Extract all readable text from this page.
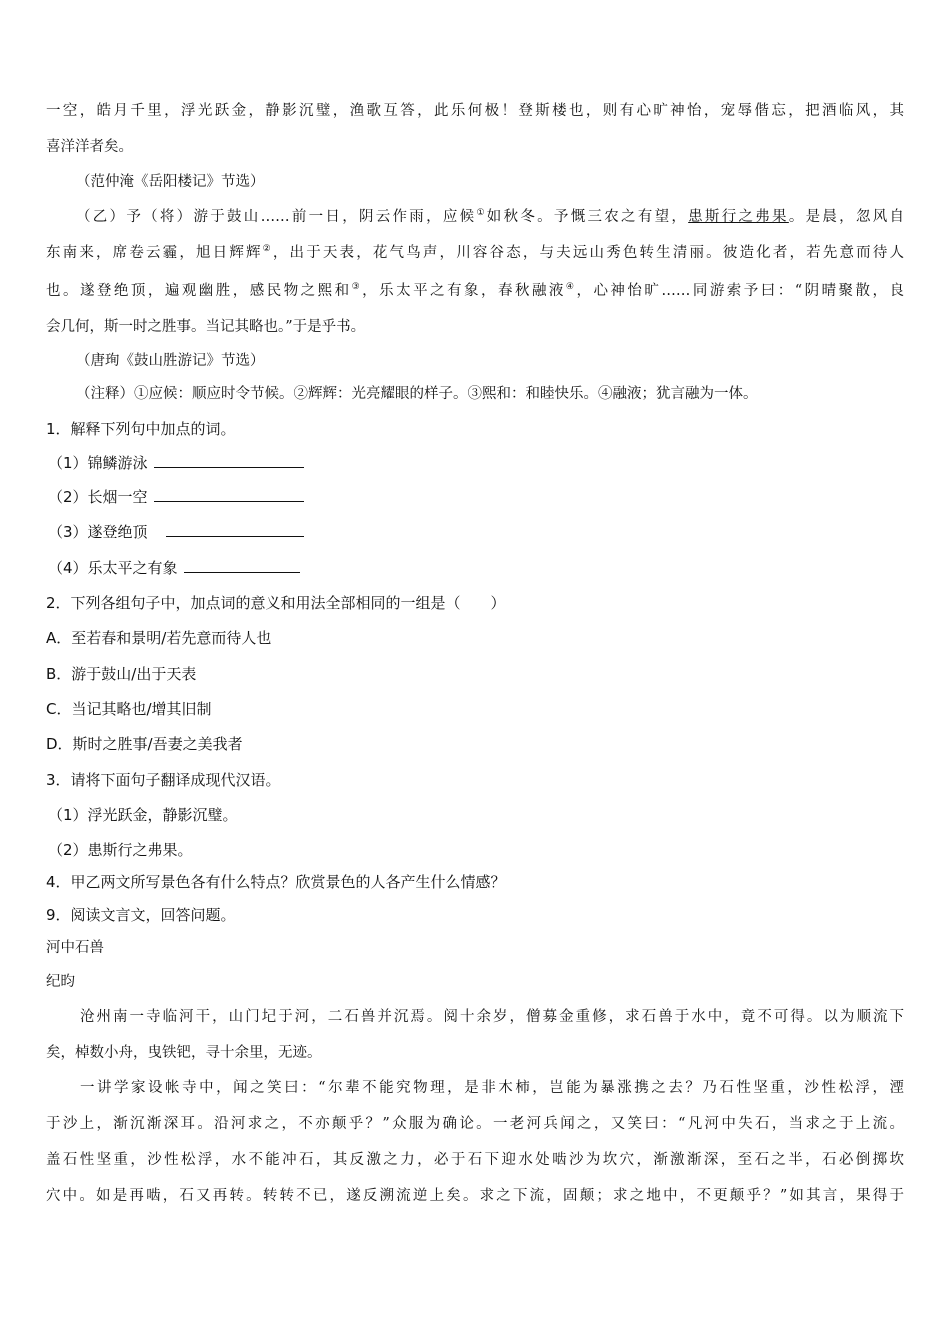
一空，皓月千里，浮光跃金，静影沉璧，渔歌互答，此乐何极！登斯楼也，则有心旷神怡，宠辱偕忘，把酒临风，其
喜洋洋者矣。
（范仲淹《岳阳楼记》节选）
（乙）予（将）游于鼓山……前一日，阴云作雨，应候①如秋冬。予慨三农之有望，患斯行之弗果。是晨，忽风自
东南来，席卷云霾，旭日辉辉②，出于天表，花气鸟声，川容谷态，与夫远山秀色转生清丽。彼造化者，若先意而待人
也。遂登绝顶，遍观幽胜，感民物之熙和③，乐太平之有象，春秋融液④，心神怡旷……同游索予曰：“阴晴聚散，良
会几何，斯一时之胜事。当记其略也。”于是乎书。
（唐珣《鼓山胜游记》节选）
（注释）①应候：顺应时令节候。②辉辉：光亮耀眼的样子。③熙和：和睦快乐。④融液；犹言融为一体。
1．解释下列句中加点的词。
（1）锦鳞游泳
（2）长烟一空
（3）遂登绝顶
（4）乐太平之有象
2．下列各组句子中，加点词的意义和用法全部相同的一组是（　　）
A．至若春和景明/若先意而待人也
B．游于鼓山/出于天表
C．当记其略也/增其旧制
D．斯时之胜事/吾妻之美我者
3．请将下面句子翻译成现代汉语。
（1）浮光跃金，静影沉璧。
（2）患斯行之弗果。
4．甲乙两文所写景色各有什么特点？欣赏景色的人各产生什么情感？
9．阅读文言文，回答问题。
河中石兽
纪昀
沧州南一寺临河干，山门圮于河，二石兽并沉焉。阅十余岁，僧募金重修，求石兽于水中，竟不可得。以为顺流下
矣，棹数小舟，曳铁钯，寻十余里，无迹。
一讲学家设帐寺中，闻之笑曰：“尔辈不能究物理，是非木柿，岂能为暴涨携之去？乃石性坚重，沙性松浮，湮
于沙上，渐沉渐深耳。沿河求之，不亦颠乎？”众服为确论。一老河兵闻之，又笑曰：“凡河中失石，当求之于上流。
盖石性坚重，沙性松浮，水不能冲石，其反激之力，必于石下迎水处啮沙为坎穴，渐激渐深，至石之半，石必倒掷坎
穴中。如是再啮，石又再转。转转不已，遂反溯流逆上矣。求之下流，固颠；求之地中，不更颠乎？”如其言，果得于
